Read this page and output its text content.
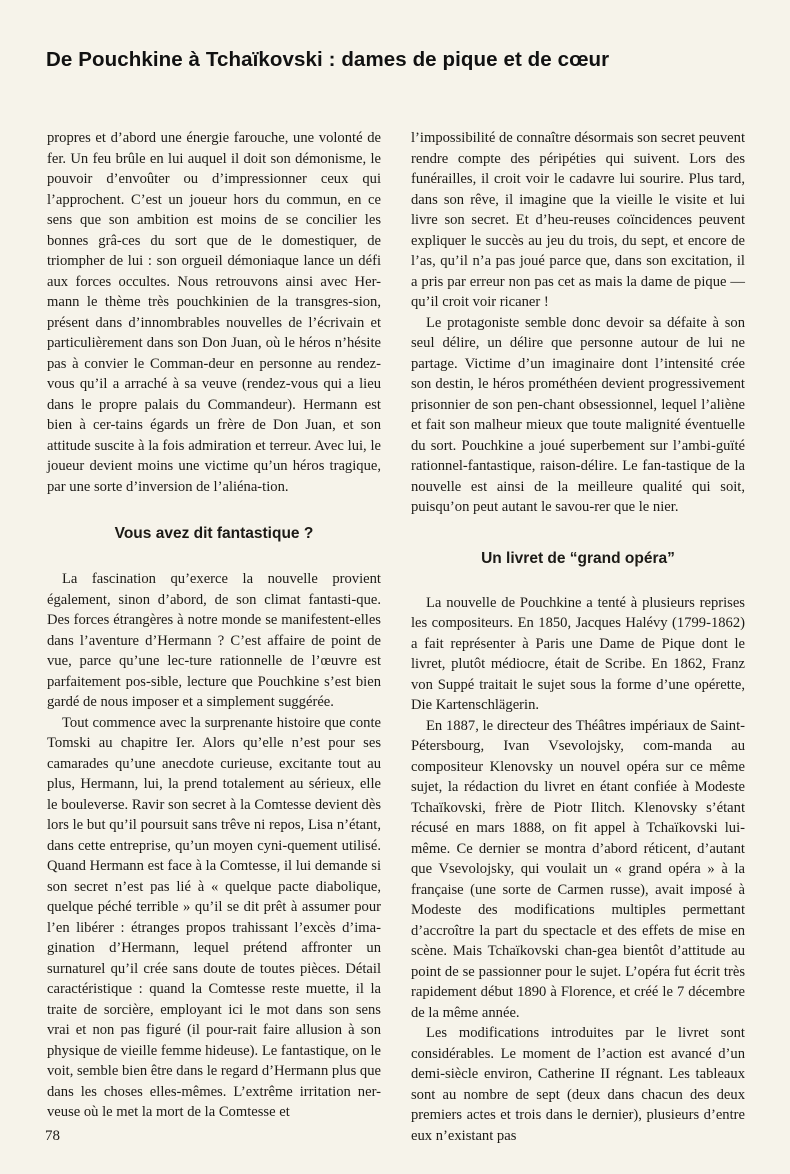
De Pouchkine à Tchaïkovski : dames de pique et de cœur

propres et d’abord une énergie farouche, une volonté de fer. Un feu brûle en lui auquel il doit son démonisme, le pouvoir d’envoûter ou d’impressionner ceux qui l’approchent. C’est un joueur hors du commun, en ce sens que son ambition est moins de se concilier les bonnes grâ-ces du sort que de le domestiquer, de triompher de lui : son orgueil démoniaque lance un défi aux forces occultes. Nous retrouvons ainsi avec Her-mann le thème très pouchkinien de la transgres-sion, présent dans d’innombrables nouvelles de l’écrivain et particulièrement dans son Don Juan, où le héros n’hésite pas à convier le Comman-deur en personne au rendez-vous qu’il a arraché à sa veuve (rendez-vous qui a lieu dans le propre palais du Commandeur). Hermann est bien à cer-tains égards un frère de Don Juan, et son attitude suscite à la fois admiration et terreur. Avec lui, le joueur devient moins une victime qu’un héros tragique, par une sorte d’inversion de l’aliéna-tion.

Vous avez dit fantastique ?

La fascination qu’exerce la nouvelle provient également, sinon d’abord, de son climat fantasti-que. Des forces étrangères à notre monde se manifestent-elles dans l’aventure d’Hermann ? C’est affaire de point de vue, parce qu’une lec-ture rationnelle de l’œuvre est parfaitement pos-sible, lecture que Pouchkine s’est bien gardé de nous imposer et a simplement suggérée.

Tout commence avec la surprenante histoire que conte Tomski au chapitre Ier. Alors qu’elle n’est pour ses camarades qu’une anecdote curieuse, excitante tout au plus, Hermann, lui, la prend totalement au sérieux, elle le bouleverse. Ravir son secret à la Comtesse devient dès lors le but qu’il poursuit sans trêve ni repos, Lisa n’étant, dans cette entreprise, qu’un moyen cyni-quement utilisé. Quand Hermann est face à la Comtesse, il lui demande si son secret n’est pas lié à « quelque pacte diabolique, quelque péché terrible » qu’il se dit prêt à assumer pour l’en libérer : étranges propos trahissant l’excès d’ima-gination d’Hermann, lequel prétend affronter un surnaturel qu’il crée sans doute de toutes pièces. Détail caractéristique : quand la Comtesse reste muette, il la traite de sorcière, employant ici le mot dans son sens vrai et non pas figuré (il pour-rait faire allusion à son physique de vieille femme hideuse). Le fantastique, on le voit, semble bien être dans le regard d’Hermann plus que dans les choses elles-mêmes. L’extrême irritation ner-veuse où le met la mort de la Comtesse et

l’impossibilité de connaître désormais son secret peuvent rendre compte des péripéties qui suivent. Lors des funérailles, il croit voir le cadavre lui sourire. Plus tard, dans son rêve, il imagine que la vieille le visite et lui livre son secret. Et d’heu-reuses coïncidences peuvent expliquer le succès au jeu du trois, du sept, et encore de l’as, qu’il n’a pas joué parce que, dans son excitation, il a pris par erreur non pas cet as mais la dame de pique — qu’il croit voir ricaner !

Le protagoniste semble donc devoir sa défaite à son seul délire, un délire que personne autour de lui ne partage. Victime d’un imaginaire dont l’intensité crée son destin, le héros prométhéen devient progressivement prisonnier de son pen-chant obsessionnel, lequel l’aliène et fait son malheur mieux que toute malignité éventuelle du sort. Pouchkine a joué superbement sur l’ambi-guïté rationnel-fantastique, raison-délire. Le fan-tastique de la nouvelle est ainsi de la meilleure qualité qui soit, puisqu’on peut autant le savou-rer que le nier.

Un livret de “grand opéra”

La nouvelle de Pouchkine a tenté à plusieurs reprises les compositeurs. En 1850, Jacques Halévy (1799-1862) a fait représenter à Paris une Dame de Pique dont le livret, plutôt médiocre, était de Scribe. En 1862, Franz von Suppé traitait le sujet sous la forme d’une opérette, Die Kartenschlägerin.

En 1887, le directeur des Théâtres impériaux de Saint-Pétersbourg, Ivan Vsevolojsky, com-manda au compositeur Klenovsky un nouvel opéra sur ce même sujet, la rédaction du livret en étant confiée à Modeste Tchaïkovski, frère de Piotr Ilitch. Klenovsky s’étant récusé en mars 1888, on fit appel à Tchaïkovski lui-même. Ce dernier se montra d’abord réticent, d’autant que Vsevolojsky, qui voulait un « grand opéra » à la française (une sorte de Carmen russe), avait imposé à Modeste des modifications multiples permettant d’accroître la part du spectacle et des effets de mise en scène. Mais Tchaïkovski chan-gea bientôt d’attitude au point de se passionner pour le sujet. L’opéra fut écrit très rapidement début 1890 à Florence, et créé le 7 décembre de la même année.

Les modifications introduites par le livret sont considérables. Le moment de l’action est avancé d’un demi-siècle environ, Catherine II régnant. Les tableaux sont au nombre de sept (deux dans chacun des deux premiers actes et trois dans le dernier), plusieurs d’entre eux n’existant pas

78
